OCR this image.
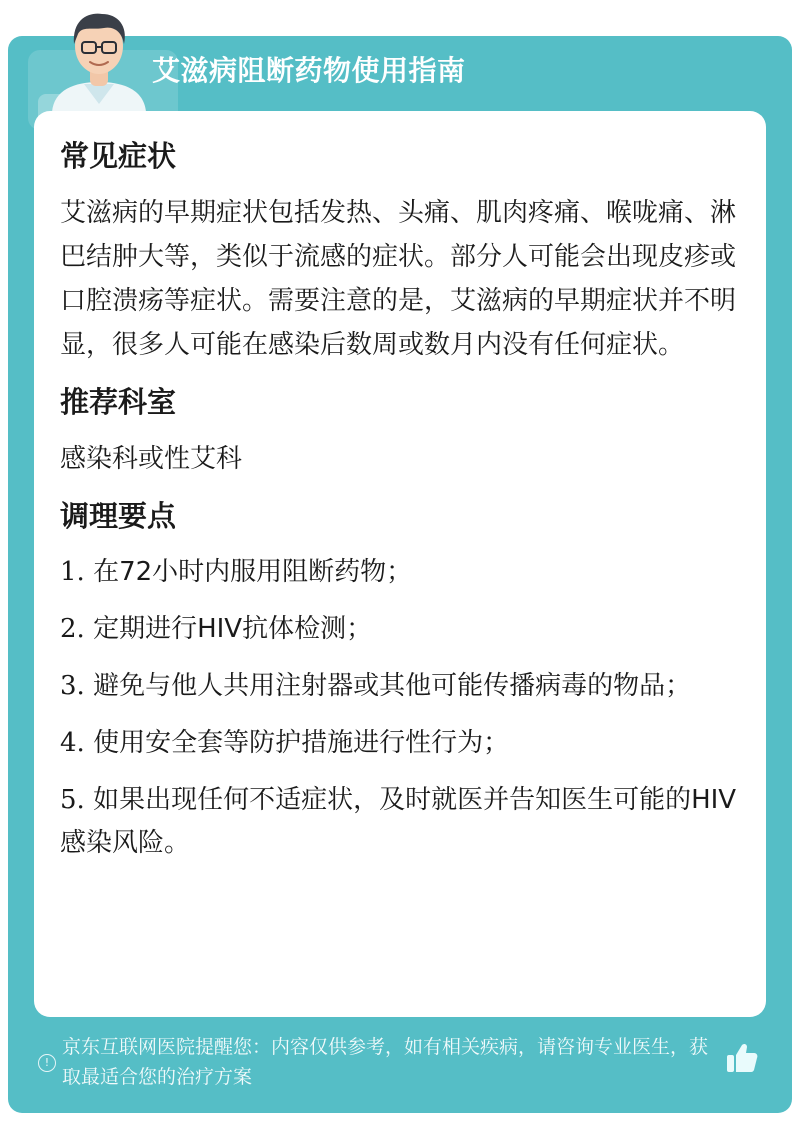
艾滋病阻断药物使用指南
常见症状
艾滋病的早期症状包括发热、头痛、肌肉疼痛、喉咙痛、淋巴结肿大等，类似于流感的症状。部分人可能会出现皮疹或口腔溃疡等症状。需要注意的是，艾滋病的早期症状并不明显，很多人可能在感染后数周或数月内没有任何症状。
推荐科室
感染科或性艾科
调理要点
1. 在72小时内服用阻断药物；
2. 定期进行HIV抗体检测；
3. 避免与他人共用注射器或其他可能传播病毒的物品；
4. 使用安全套等防护措施进行性行为；
5. 如果出现任何不适症状，及时就医并告知医生可能的HIV感染风险。
!
京东互联网医院提醒您：内容仅供参考，如有相关疾病，请咨询专业医生，获取最适合您的治疗方案
